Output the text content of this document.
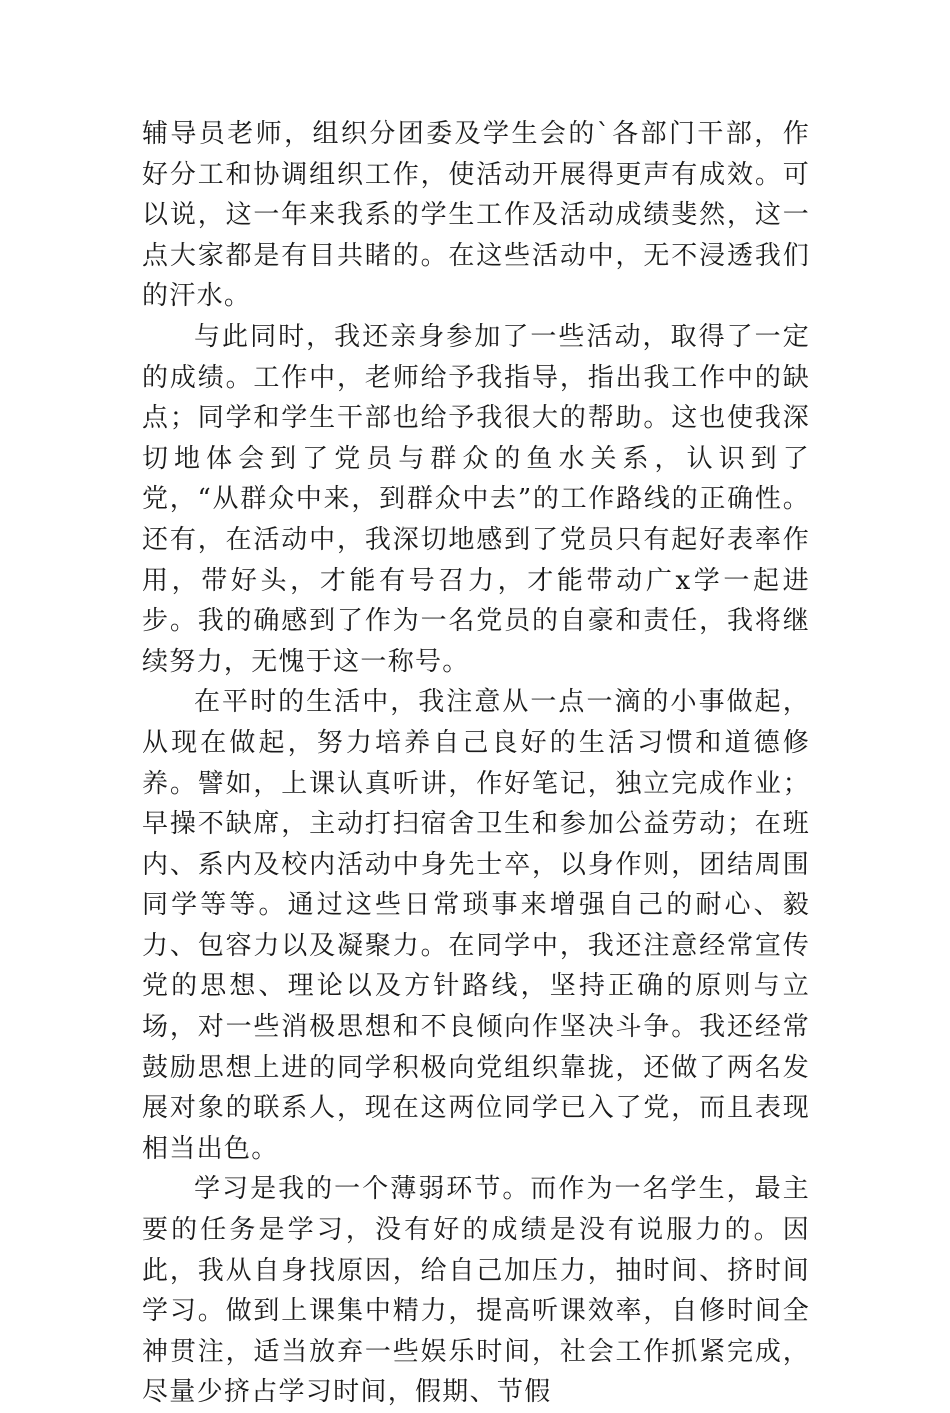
辅导员老师，组织分团委及学生会的`各部门干部，作好分工和协调组织工作，使活动开展得更声有成效。可以说，这一年来我系的学生工作及活动成绩斐然，这一点大家都是有目共睹的。在这些活动中，无不浸透我们的汗水。

与此同时，我还亲身参加了一些活动，取得了一定的成绩。工作中，老师给予我指导，指出我工作中的缺点；同学和学生干部也给予我很大的帮助。这也使我深切地体会到了党员与群众的鱼水关系，认识到了党，“从群众中来，到群众中去”的工作路线的正确性。还有，在活动中，我深切地感到了党员只有起好表率作用，带好头，才能有号召力，才能带动广x学一起进步。我的确感到了作为一名党员的自豪和责任，我将继续努力，无愧于这一称号。

在平时的生活中，我注意从一点一滴的小事做起，从现在做起，努力培养自己良好的生活习惯和道德修养。譬如，上课认真听讲，作好笔记，独立完成作业；早操不缺席，主动打扫宿舍卫生和参加公益劳动；在班内、系内及校内活动中身先士卒，以身作则，团结周围同学等等。通过这些日常琐事来增强自己的耐心、毅力、包容力以及凝聚力。在同学中，我还注意经常宣传党的思想、理论以及方针路线，坚持正确的原则与立场，对一些消极思想和不良倾向作坚决斗争。我还经常鼓励思想上进的同学积极向党组织靠拢，还做了两名发展对象的联系人，现在这两位同学已入了党，而且表现相当出色。

学习是我的一个薄弱环节。而作为一名学生，最主要的任务是学习，没有好的成绩是没有说服力的。因此，我从自身找原因，给自己加压力，抽时间、挤时间学习。做到上课集中精力，提高听课效率，自修时间全神贯注，适当放弃一些娱乐时间，社会工作抓紧完成，尽量少挤占学习时间，假期、节假
